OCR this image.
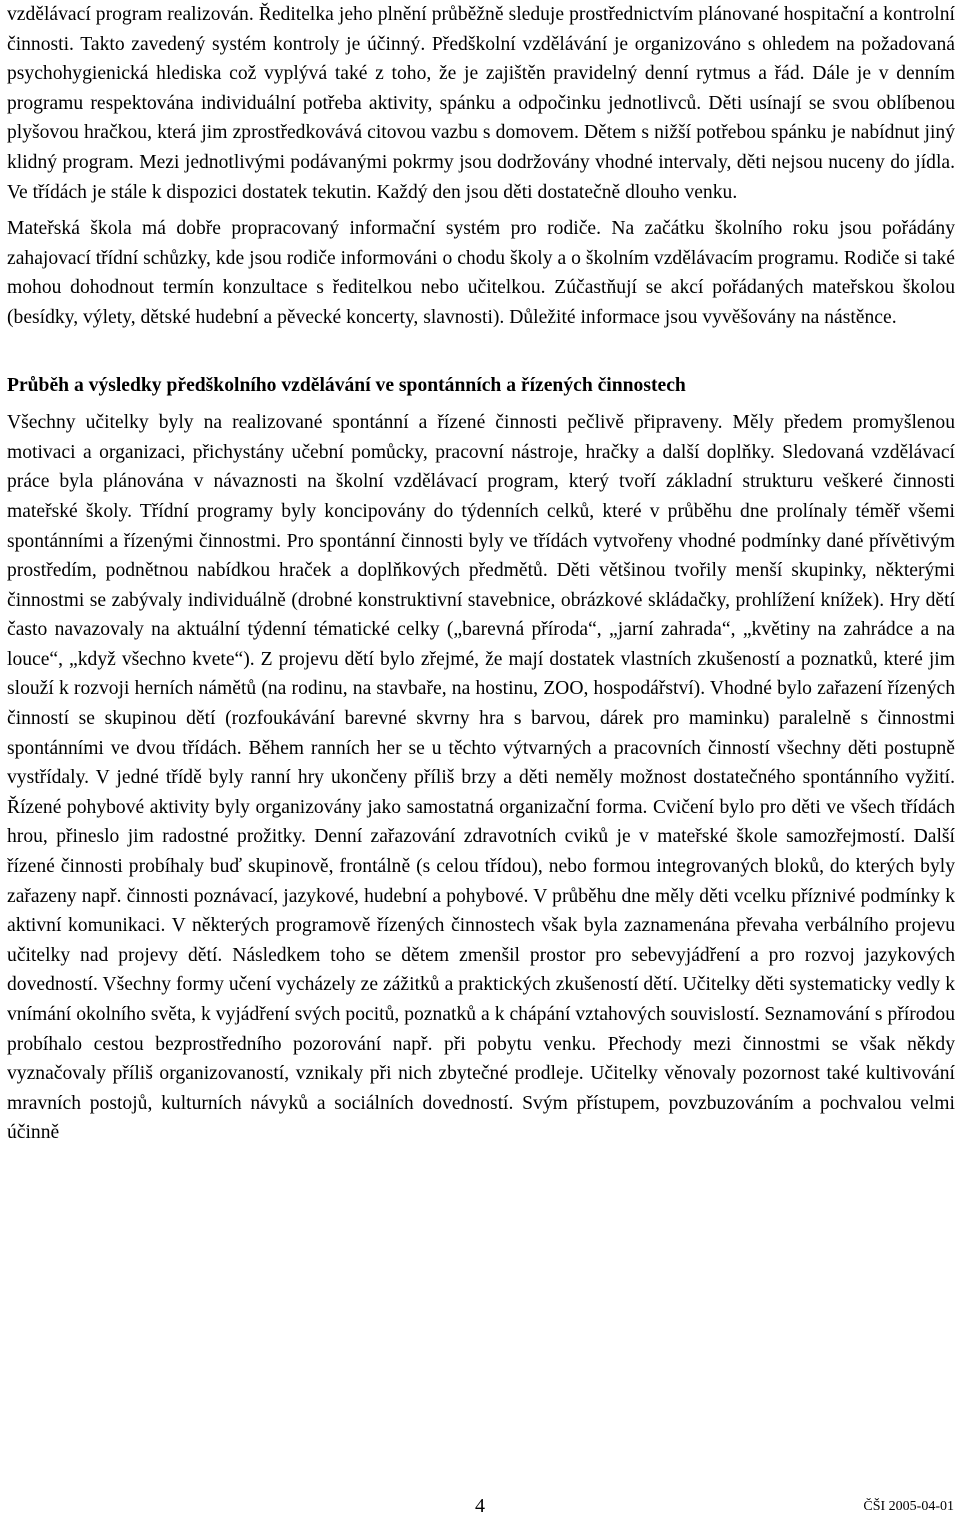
vzdělávací program realizován. Ředitelka jeho plnění průběžně sleduje prostřednictvím plánované hospitační a kontrolní činnosti. Takto zavedený systém kontroly je účinný. Předškolní vzdělávání je organizováno s ohledem na požadovaná psychohygienická hlediska což vyplývá také z toho, že je zajištěn pravidelný denní rytmus a řád. Dále je v denním programu respektována individuální potřeba aktivity, spánku a odpočinku jednotlivců. Děti usínají se svou oblíbenou plyšovou hračkou, která jim zprostředkovává citovou vazbu s domovem. Dětem s nižší potřebou spánku je nabídnut jiný klidný program. Mezi jednotlivými podávanými pokrmy jsou dodržovány vhodné intervaly, děti nejsou nuceny do jídla. Ve třídách je stále k dispozici dostatek tekutin. Každý den jsou děti dostatečně dlouho venku.

Mateřská škola má dobře propracovaný informační systém pro rodiče. Na začátku školního roku jsou pořádány zahajovací třídní schůzky, kde jsou rodiče informováni o chodu školy a o školním vzdělávacím programu. Rodiče si také mohou dohodnout termín konzultace s ředitelkou nebo učitelkou. Zúčastňují se akcí pořádaných mateřskou školou (besídky, výlety, dětské hudební a pěvecké koncerty, slavnosti). Důležité informace jsou vyvěšovány na nástěnce.

Průběh a výsledky předškolního vzdělávání ve spontánních a řízených činnostech

Všechny učitelky byly na realizované spontánní a řízené činnosti pečlivě připraveny. Měly předem promyšlenou motivaci a organizaci, přichystány učební pomůcky, pracovní nástroje, hračky a další doplňky. Sledovaná vzdělávací práce byla plánována v návaznosti na školní vzdělávací program, který tvoří základní strukturu veškeré činnosti mateřské školy. Třídní programy byly koncipovány do týdenních celků, které v průběhu dne prolínaly téměř všemi spontánními a řízenými činnostmi. Pro spontánní činnosti byly ve třídách vytvořeny vhodné podmínky dané přívětivým prostředím, podnětnou nabídkou hraček a doplňkových předmětů. Děti většinou tvořily menší skupinky, některými činnostmi se zabývaly individuálně (drobné konstruktivní stavebnice, obrázkové skládačky, prohlížení knížek). Hry dětí často navazovaly na aktuální týdenní tématické celky („barevná příroda“, „jarní zahrada“, „květiny na zahrádce a na louce“, „když všechno kvete“). Z projevu dětí bylo zřejmé, že mají dostatek vlastních zkušeností a poznatků, které jim slouží k rozvoji herních námětů (na rodinu, na stavbaře, na hostinu, ZOO, hospodářství). Vhodné bylo zařazení řízených činností se skupinou dětí (rozfoukávání barevné skvrny hra s barvou, dárek pro maminku) paralelně s činnostmi spontánními ve dvou třídách. Během ranních her se u těchto výtvarných a pracovních činností všechny děti postupně vystřídaly. V jedné třídě byly ranní hry ukončeny příliš brzy a děti neměly možnost dostatečného spontánního vyžití. Řízené pohybové aktivity byly organizovány jako samostatná organizační forma. Cvičení bylo pro děti ve všech třídách hrou, přineslo jim radostné prožitky. Denní zařazování zdravotních cviků je v mateřské škole samozřejmostí. Další řízené činnosti probíhaly buď skupinově, frontálně (s celou třídou), nebo formou integrovaných bloků, do kterých byly zařazeny např. činnosti poznávací, jazykové, hudební a pohybové. V průběhu dne měly děti vcelku příznivé podmínky k aktivní komunikaci. V některých programově řízených činnostech však byla zaznamenána převaha verbálního projevu učitelky nad projevy dětí. Následkem toho se dětem zmenšil prostor pro sebevyjádření a pro rozvoj jazykových dovedností. Všechny formy učení vycházely ze zážitků a praktických zkušeností dětí. Učitelky děti systematicky vedly k vnímání okolního světa, k vyjádření svých pocitů, poznatků a k chápání vztahových souvislostí. Seznamování s přírodou probíhalo cestou bezprostředního pozorování např. při pobytu venku. Přechody mezi činnostmi se však někdy vyznačovaly příliš organizovaností, vznikaly při nich zbytečné prodleje. Učitelky věnovaly pozornost také kultivování mravních postojů, kulturních návyků a sociálních dovedností. Svým přístupem, povzbuzováním a pochvalou velmi účinně

4	ČŠI 2005-04-01
